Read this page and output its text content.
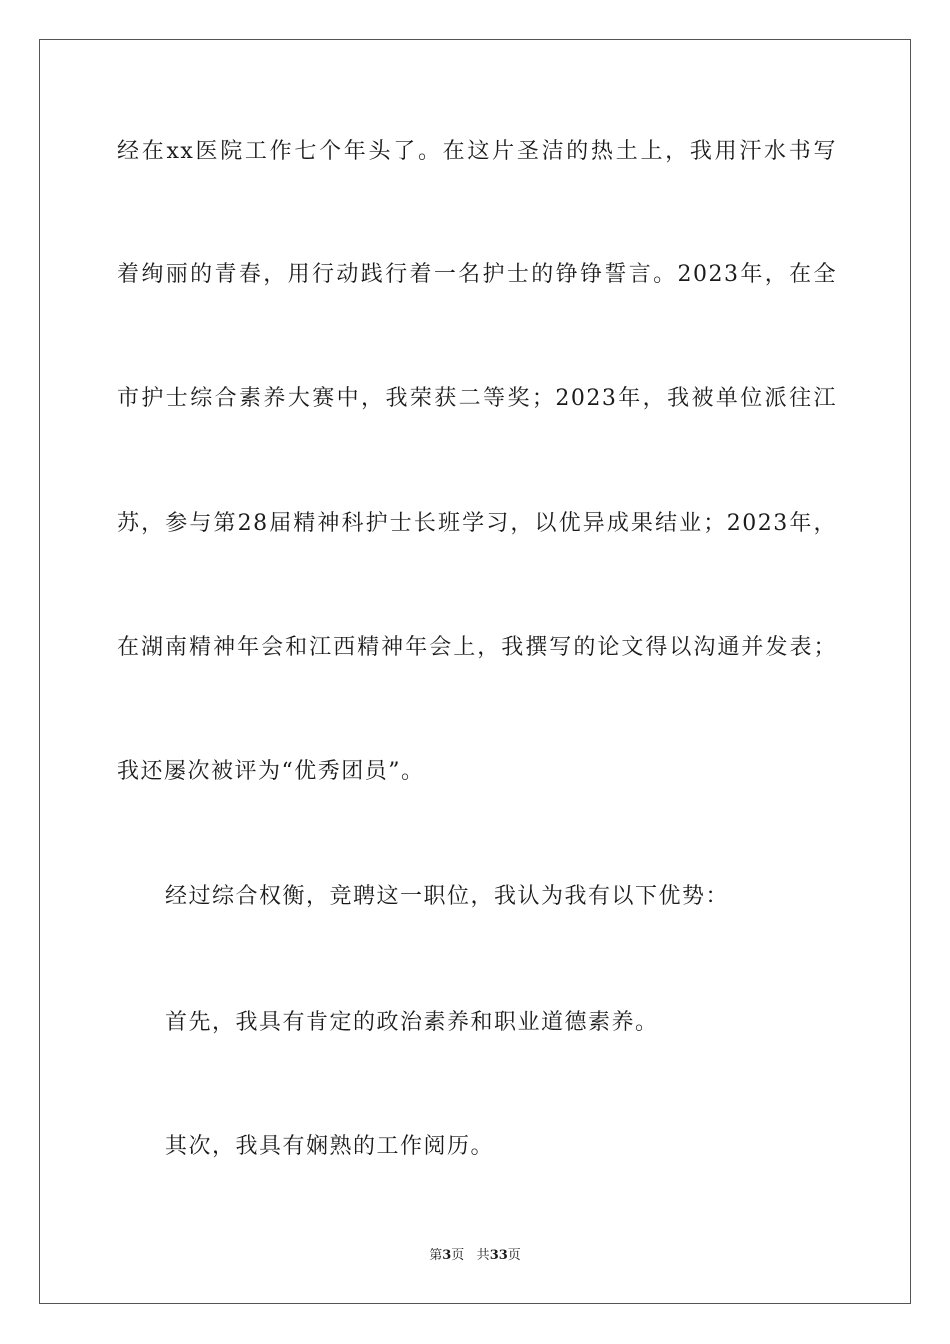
经在xx医院工作七个年头了。在这片圣洁的热土上，我用汗水书写
着绚丽的青春，用行动践行着一名护士的铮铮誓言。2023年，在全
市护士综合素养大赛中，我荣获二等奖；2023年，我被单位派往江
苏，参与第28届精神科护士长班学习，以优异成果结业；2023年，
在湖南精神年会和江西精神年会上，我撰写的论文得以沟通并发表；
我还屡次被评为“优秀团员”。
经过综合权衡，竞聘这一职位，我认为我有以下优势：
首先，我具有肯定的政治素养和职业道德素养。
其次，我具有娴熟的工作阅历。
第3页 共33页
